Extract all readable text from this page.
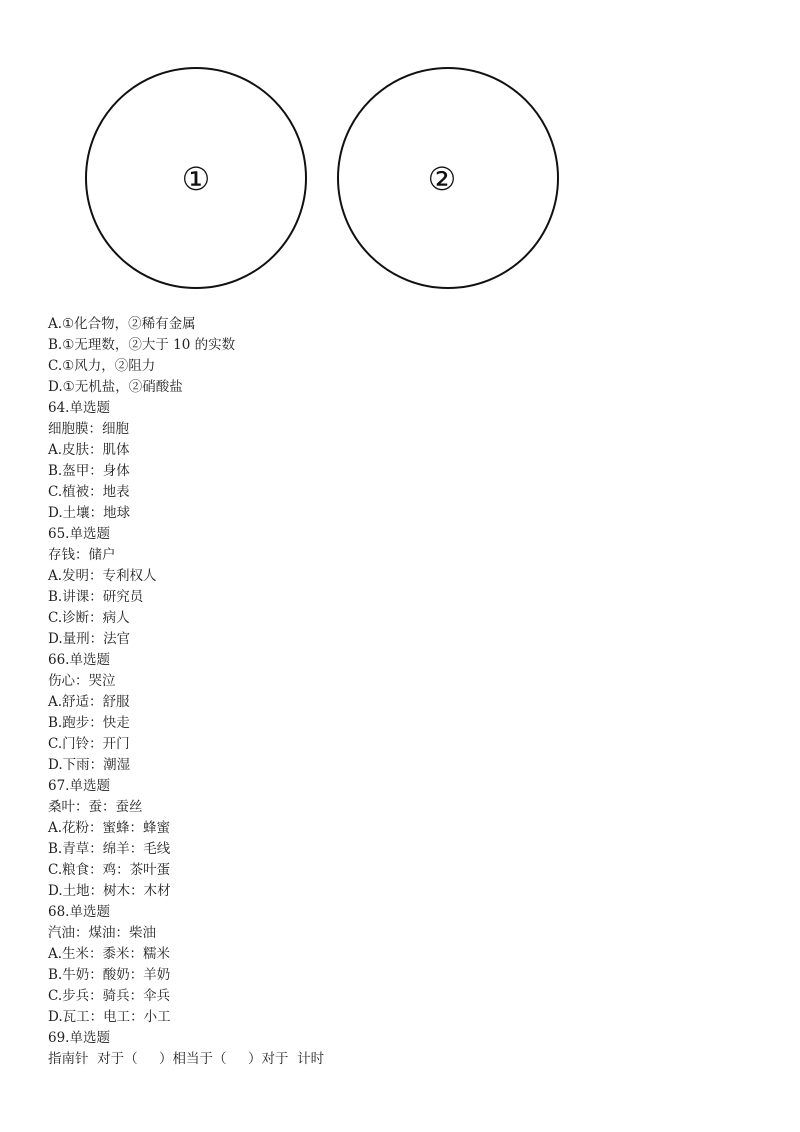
①	②
A.①化合物，②稀有金属
B.①无理数，②大于 10 的实数
C.①风力，②阻力
D.①无机盐，②硝酸盐
64.单选题
细胞膜：细胞
A.皮肤：肌体
B.盔甲：身体
C.植被：地表
D.土壤：地球
65.单选题
存钱：储户
A.发明：专利权人
B.讲课：研究员
C.诊断：病人
D.量刑：法官
66.单选题
伤心：哭泣
A.舒适：舒服
B.跑步：快走
C.门铃：开门
D.下雨：潮湿
67.单选题
桑叶：蚕：蚕丝
A.花粉：蜜蜂：蜂蜜
B.青草：绵羊：毛线
C.粮食：鸡：茶叶蛋
D.土地：树木：木材
68.单选题
汽油：煤油：柴油
A.生米：黍米：糯米
B.牛奶：酸奶：羊奶
C.步兵：骑兵：伞兵
D.瓦工：电工：小工
69.单选题
指南针  对于（     ）相当于（     ）对于  计时
